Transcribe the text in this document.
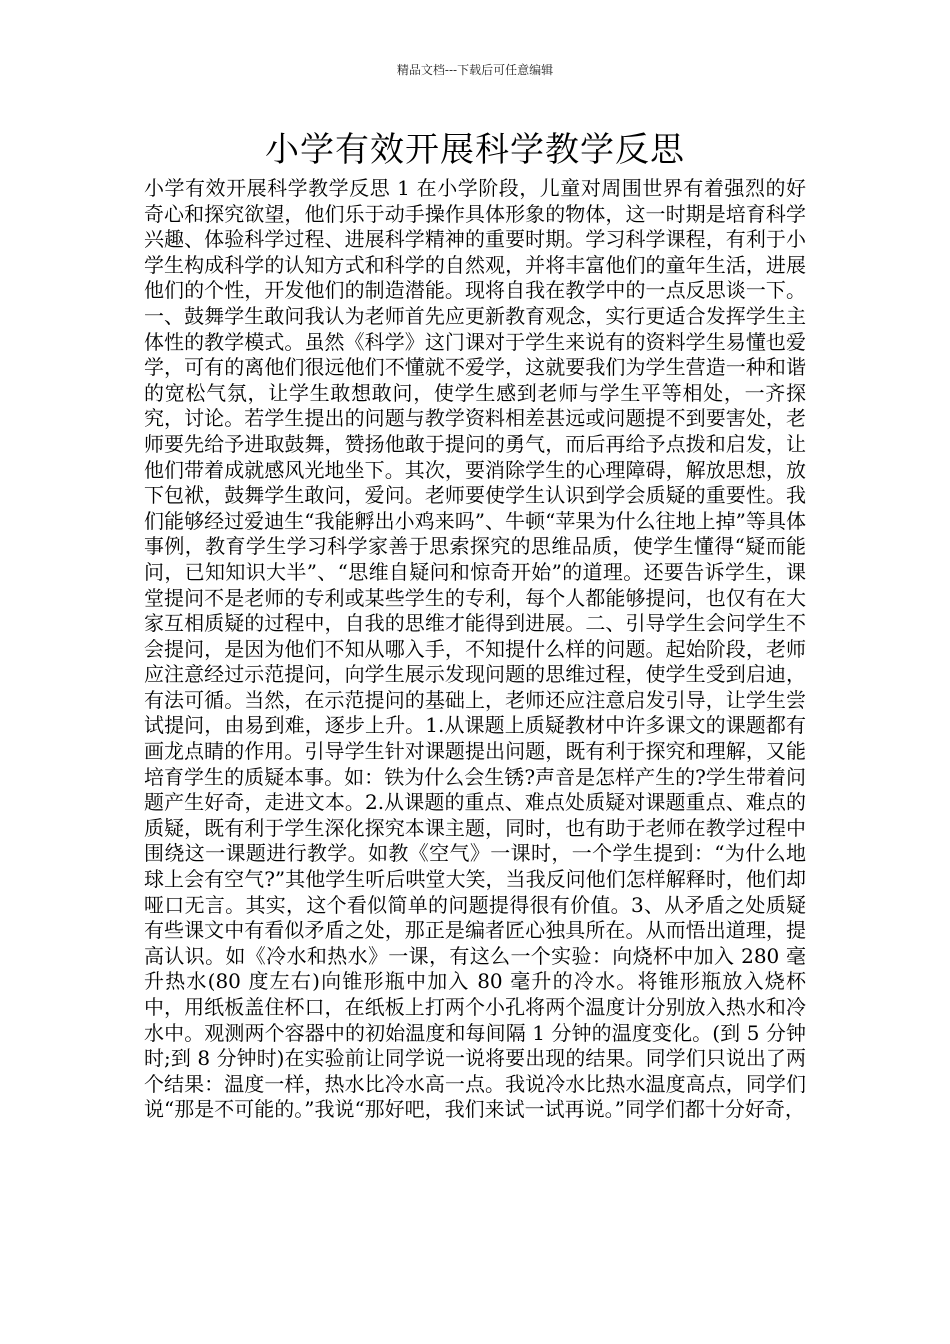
精品文档---下载后可任意编辑
小学有效开展科学教学反思

小学有效开展科学教学反思 1 在小学阶段，儿童对周围世界有着强烈的好奇心和探究欲望，他们乐于动手操作具体形象的物体，这一时期是培育科学兴趣、体验科学过程、进展科学精神的重要时期。学习科学课程，有利于小学生构成科学的认知方式和科学的自然观，并将丰富他们的童年生活，进展他们的个性，开发他们的制造潜能。现将自我在教学中的一点反思谈一下。一、鼓舞学生敢问我认为老师首先应更新教育观念，实行更适合发挥学生主体性的教学模式。虽然《科学》这门课对于学生来说有的资料学生易懂也爱学，可有的离他们很远他们不懂就不爱学，这就要我们为学生营造一种和谐的宽松气氛，让学生敢想敢问，使学生感到老师与学生平等相处，一齐探究，讨论。若学生提出的问题与教学资料相差甚远或问题提不到要害处，老师要先给予进取鼓舞，赞扬他敢于提问的勇气，而后再给予点拨和启发，让他们带着成就感风光地坐下。其次，要消除学生的心理障碍，解放思想，放下包袱，鼓舞学生敢问，爱问。老师要使学生认识到学会质疑的重要性。我们能够经过爱迪生“我能孵出小鸡来吗”、牛顿“苹果为什么往地上掉”等具体事例，教育学生学习科学家善于思索探究的思维品质，使学生懂得“疑而能问，已知知识大半”、“思维自疑问和惊奇开始”的道理。还要告诉学生，课堂提问不是老师的专利或某些学生的专利，每个人都能够提问，也仅有在大家互相质疑的过程中，自我的思维才能得到进展。二、引导学生会问学生不会提问，是因为他们不知从哪入手，不知提什么样的问题。起始阶段，老师应注意经过示范提问，向学生展示发现问题的思维过程，使学生受到启迪，有法可循。当然，在示范提问的基础上，老师还应注意启发引导，让学生尝试提问，由易到难，逐步上升。1.从课题上质疑教材中许多课文的课题都有画龙点睛的作用。引导学生针对课题提出问题，既有利于探究和理解，又能培育学生的质疑本事。如：铁为什么会生锈?声音是怎样产生的?学生带着问题产生好奇，走进文本。2.从课题的重点、难点处质疑对课题重点、难点的质疑，既有利于学生深化探究本课主题，同时，也有助于老师在教学过程中围绕这一课题进行教学。如教《空气》一课时，一个学生提到：“为什么地球上会有空气?”其他学生听后哄堂大笑，当我反问他们怎样解释时，他们却哑口无言。其实，这个看似简单的问题提得很有价值。3、从矛盾之处质疑有些课文中有看似矛盾之处，那正是编者匠心独具所在。从而悟出道理，提高认识。如《冷水和热水》一课，有这么一个实验：向烧杯中加入 280 毫升热水(80 度左右)向锥形瓶中加入 80 毫升的冷水。将锥形瓶放入烧杯中，用纸板盖住杯口，在纸板上打两个小孔将两个温度计分别放入热水和冷水中。观测两个容器中的初始温度和每间隔 1 分钟的温度变化。(到 5 分钟时;到 8 分钟时)在实验前让同学说一说将要出现的结果。同学们只说出了两个结果：温度一样，热水比冷水高一点。我说冷水比热水温度高点，同学们说“那是不可能的。”我说“那好吧，我们来试一试再说。”同学们都十分好奇，
